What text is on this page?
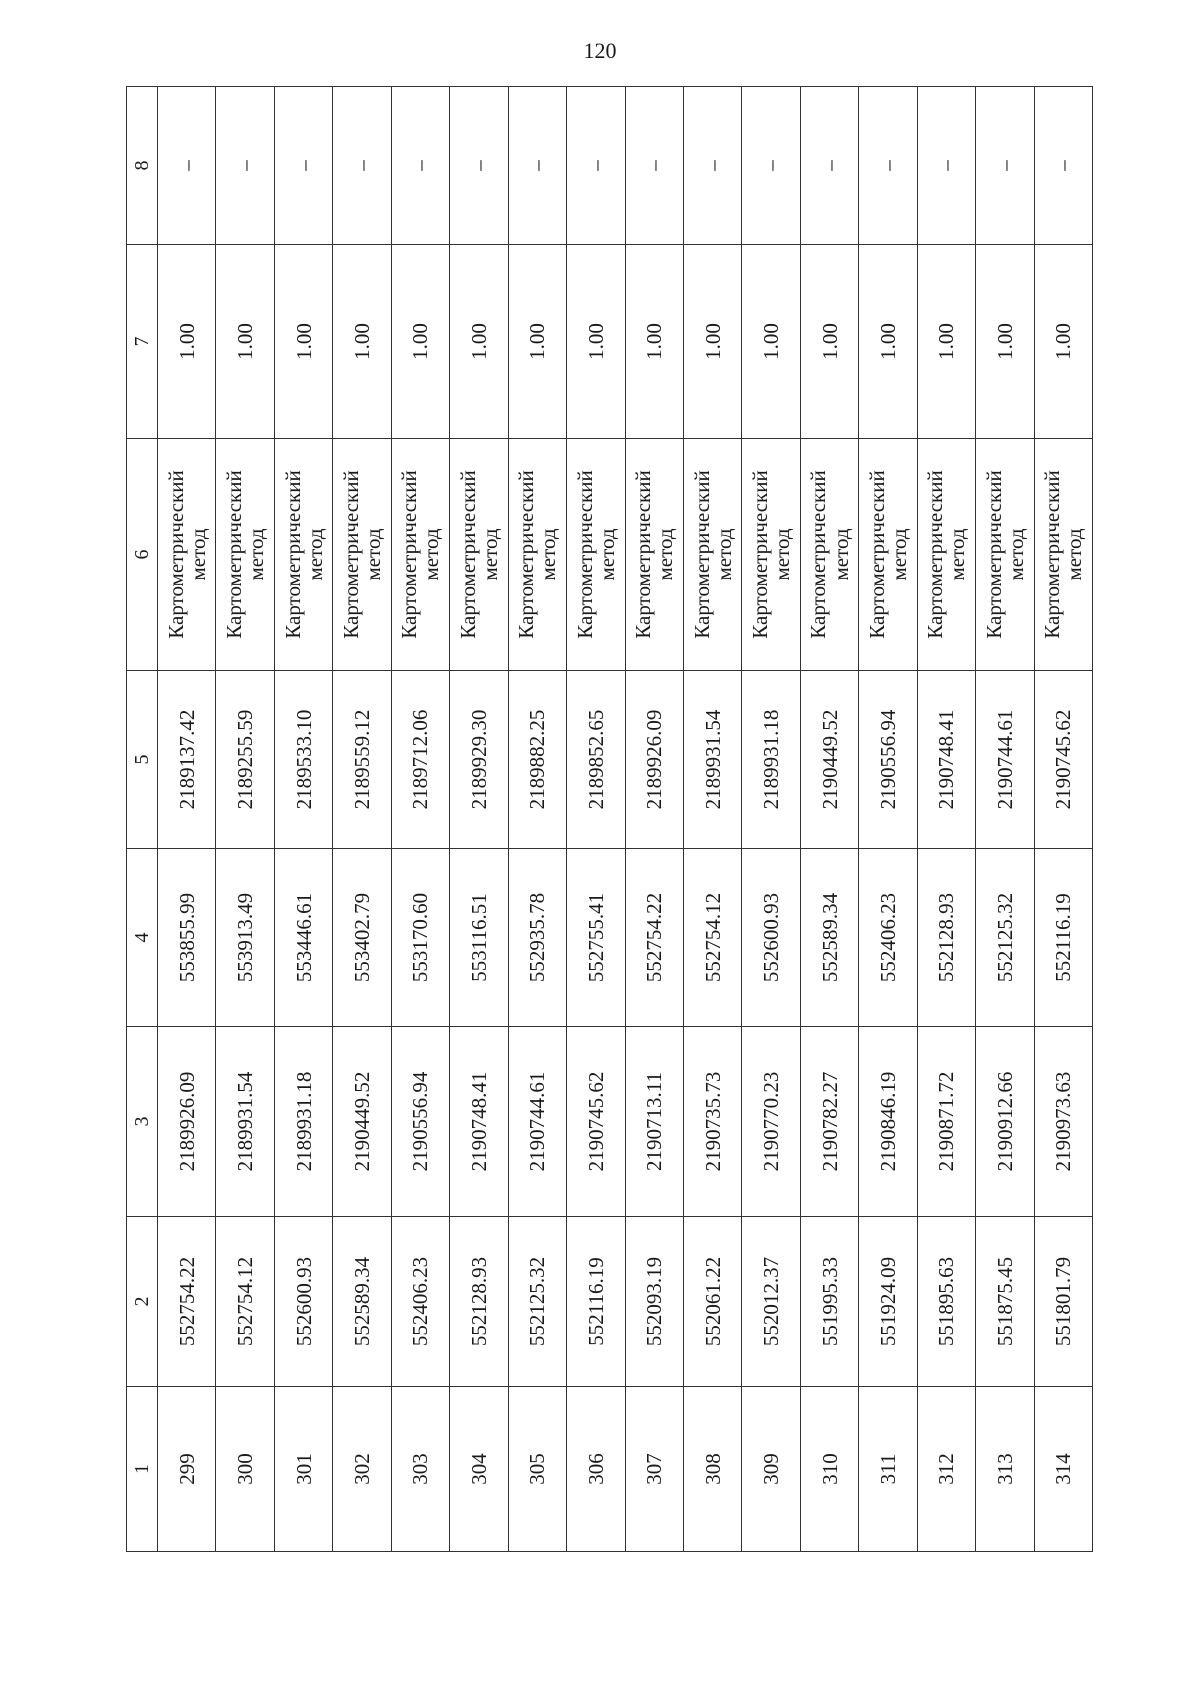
120
1	2	3	4	5	6	7	8
299	552754.22	2189926.09	553855.99	2189137.42	Картометрический метод	1.00	–
300	552754.12	2189931.54	553913.49	2189255.59	Картометрический метод	1.00	–
301	552600.93	2189931.18	553446.61	2189533.10	Картометрический метод	1.00	–
302	552589.34	2190449.52	553402.79	2189559.12	Картометрический метод	1.00	–
303	552406.23	2190556.94	553170.60	2189712.06	Картометрический метод	1.00	–
304	552128.93	2190748.41	553116.51	2189929.30	Картометрический метод	1.00	–
305	552125.32	2190744.61	552935.78	2189882.25	Картометрический метод	1.00	–
306	552116.19	2190745.62	552755.41	2189852.65	Картометрический метод	1.00	–
307	552093.19	2190713.11	552754.22	2189926.09	Картометрический метод	1.00	–
308	552061.22	2190735.73	552754.12	2189931.54	Картометрический метод	1.00	–
309	552012.37	2190770.23	552600.93	2189931.18	Картометрический метод	1.00	–
310	551995.33	2190782.27	552589.34	2190449.52	Картометрический метод	1.00	–
311	551924.09	2190846.19	552406.23	2190556.94	Картометрический метод	1.00	–
312	551895.63	2190871.72	552128.93	2190748.41	Картометрический метод	1.00	–
313	551875.45	2190912.66	552125.32	2190744.61	Картометрический метод	1.00	–
314	551801.79	2190973.63	552116.19	2190745.62	Картометрический метод	1.00	–
